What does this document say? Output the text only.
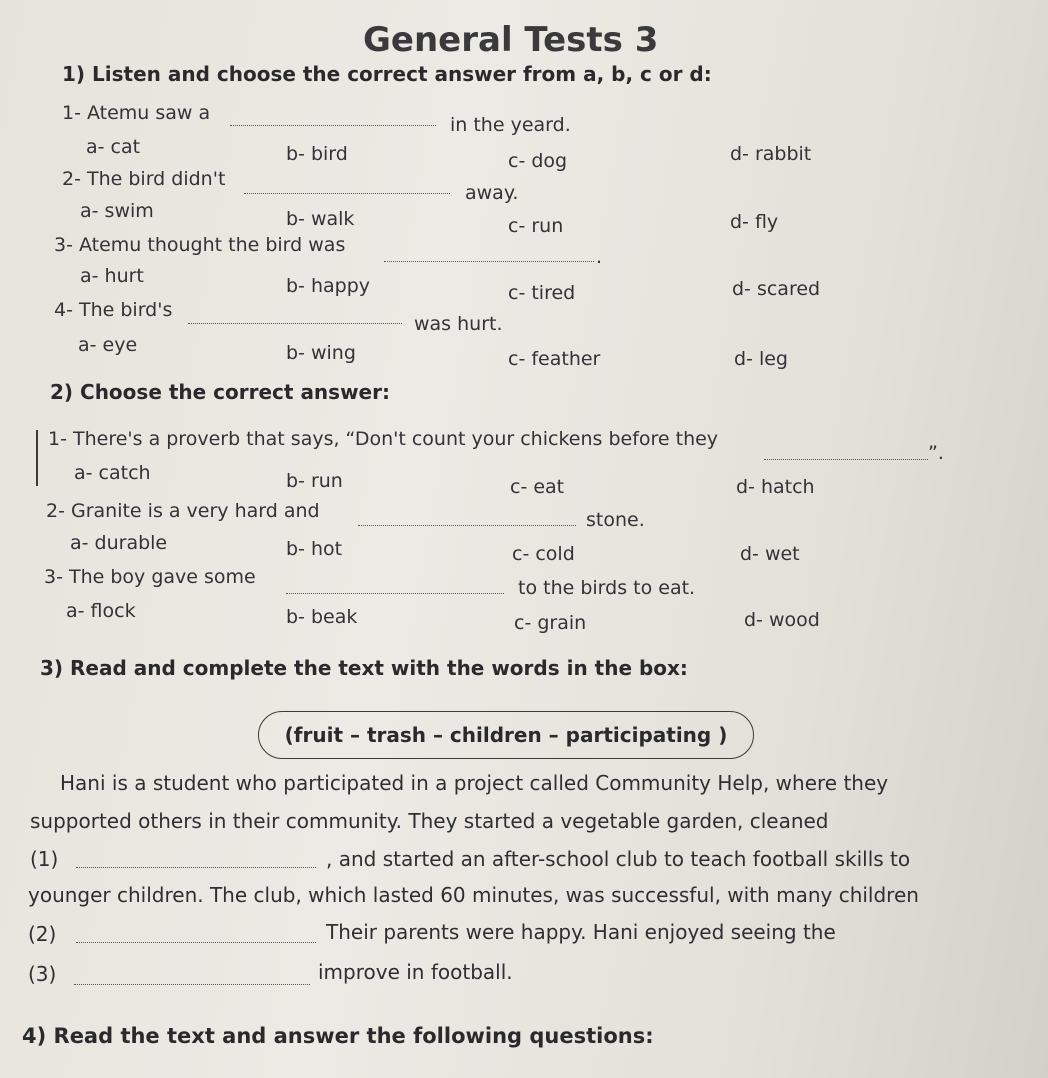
General Tests 3
1) Listen and choose the correct answer from a, b, c or d:
1- Atemu saw a
in the yeard.
a- cat	b- bird	c- dog	d- rabbit
2- The bird didn't
away.
a- swim	b- walk	c- run	d- fly
3- Atemu thought the bird was
.
a- hurt	b- happy	c- tired	d- scared
4- The bird's
was hurt.
a- eye	b- wing	c- feather	d- leg
2) Choose the correct answer:
1- There's a proverb that says, “Don't count your chickens before they
”.
a- catch	b- run	c- eat	d- hatch
2- Granite is a very hard and	stone.
a- durable	b- hot	c- cold	d- wet
3- The boy gave some	to the birds to eat.
a- flock	b- beak	c- grain	d- wood
3) Read and complete the text with the words in the box:
(fruit – trash – children – participating )
Hani is a student who participated in a project called Community Help, where they
supported others in their community. They started a vegetable garden, cleaned
(1)	, and started an after-school club to teach football skills to
younger children. The club, which lasted 60 minutes, was successful, with many children
(2)	Their parents were happy. Hani enjoyed seeing the
(3)	improve in football.
4) Read the text and answer the following questions:
